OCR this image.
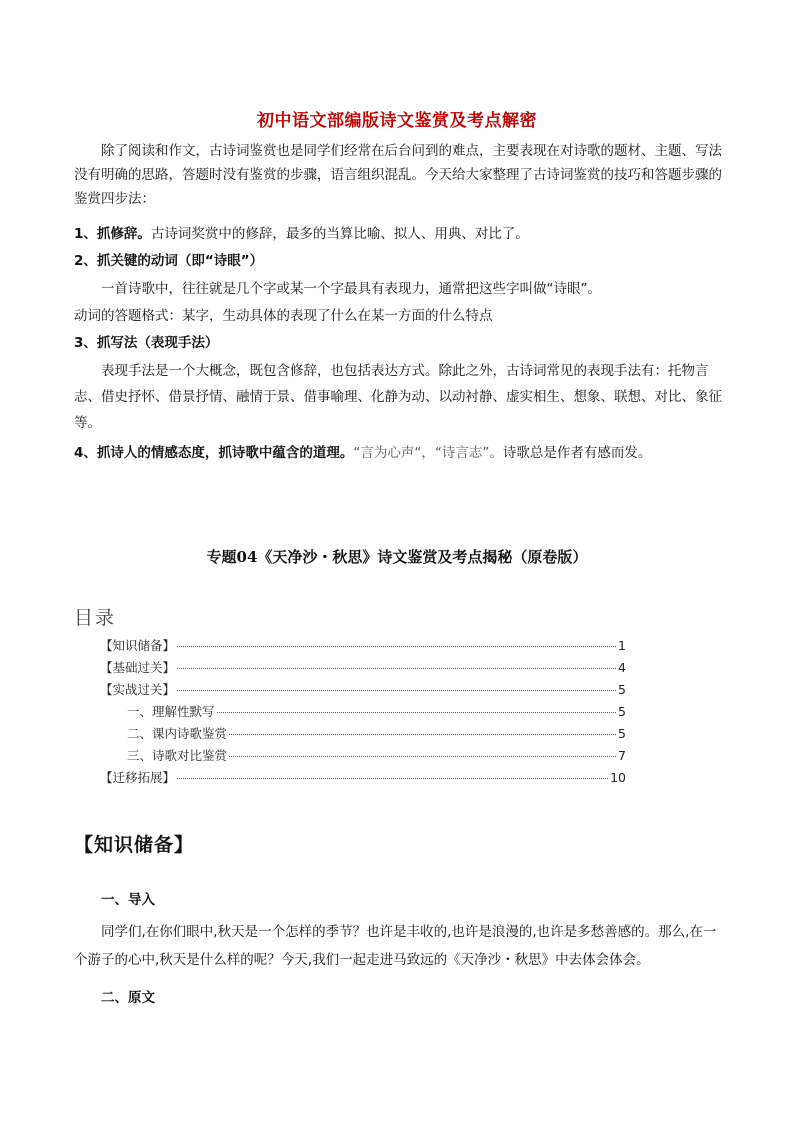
初中语文部编版诗文鉴赏及考点解密
除了阅读和作文，古诗词鉴赏也是同学们经常在后台问到的难点，主要表现在对诗歌的题材、主题、写法没有明确的思路，答题时没有鉴赏的步骤，语言组织混乱。今天给大家整理了古诗词鉴赏的技巧和答题步骤的鉴赏四步法：
1、抓修辞。古诗词奖赏中的修辞，最多的当算比喻、拟人、用典、对比了。
2、抓关键的动词（即“诗眼”）
一首诗歌中，往往就是几个字或某一个字最具有表现力，通常把这些字叫做“诗眼”。
动词的答题格式：某字，生动具体的表现了什么在某一方面的什么特点
3、抓写法（表现手法）
表现手法是一个大概念，既包含修辞，也包括表达方式。除此之外，古诗词常见的表现手法有：托物言志、借史抒怀、借景抒情、融情于景、借事喻理、化静为动、以动衬静、虚实相生、想象、联想、对比、象征等。
4、抓诗人的情感态度，抓诗歌中蕴含的道理。“言为心声“，“诗言志”。诗歌总是作者有感而发。
专题04《天净沙・秋思》诗文鉴赏及考点揭秘（原卷版）
目录
【知识储备】	1
【基础过关】	4
【实战过关】	5
一、理解性默写	5
二、课内诗歌鉴赏	5
三、诗歌对比鉴赏	7
【迁移拓展】	10
【知识储备】
一、导入
同学们,在你们眼中,秋天是一个怎样的季节？也许是丰收的,也许是浪漫的,也许是多愁善感的。那么,在一个游子的心中,秋天是什么样的呢？今天,我们一起走进马致远的《天净沙・秋思》中去体会体会。
二、原文
